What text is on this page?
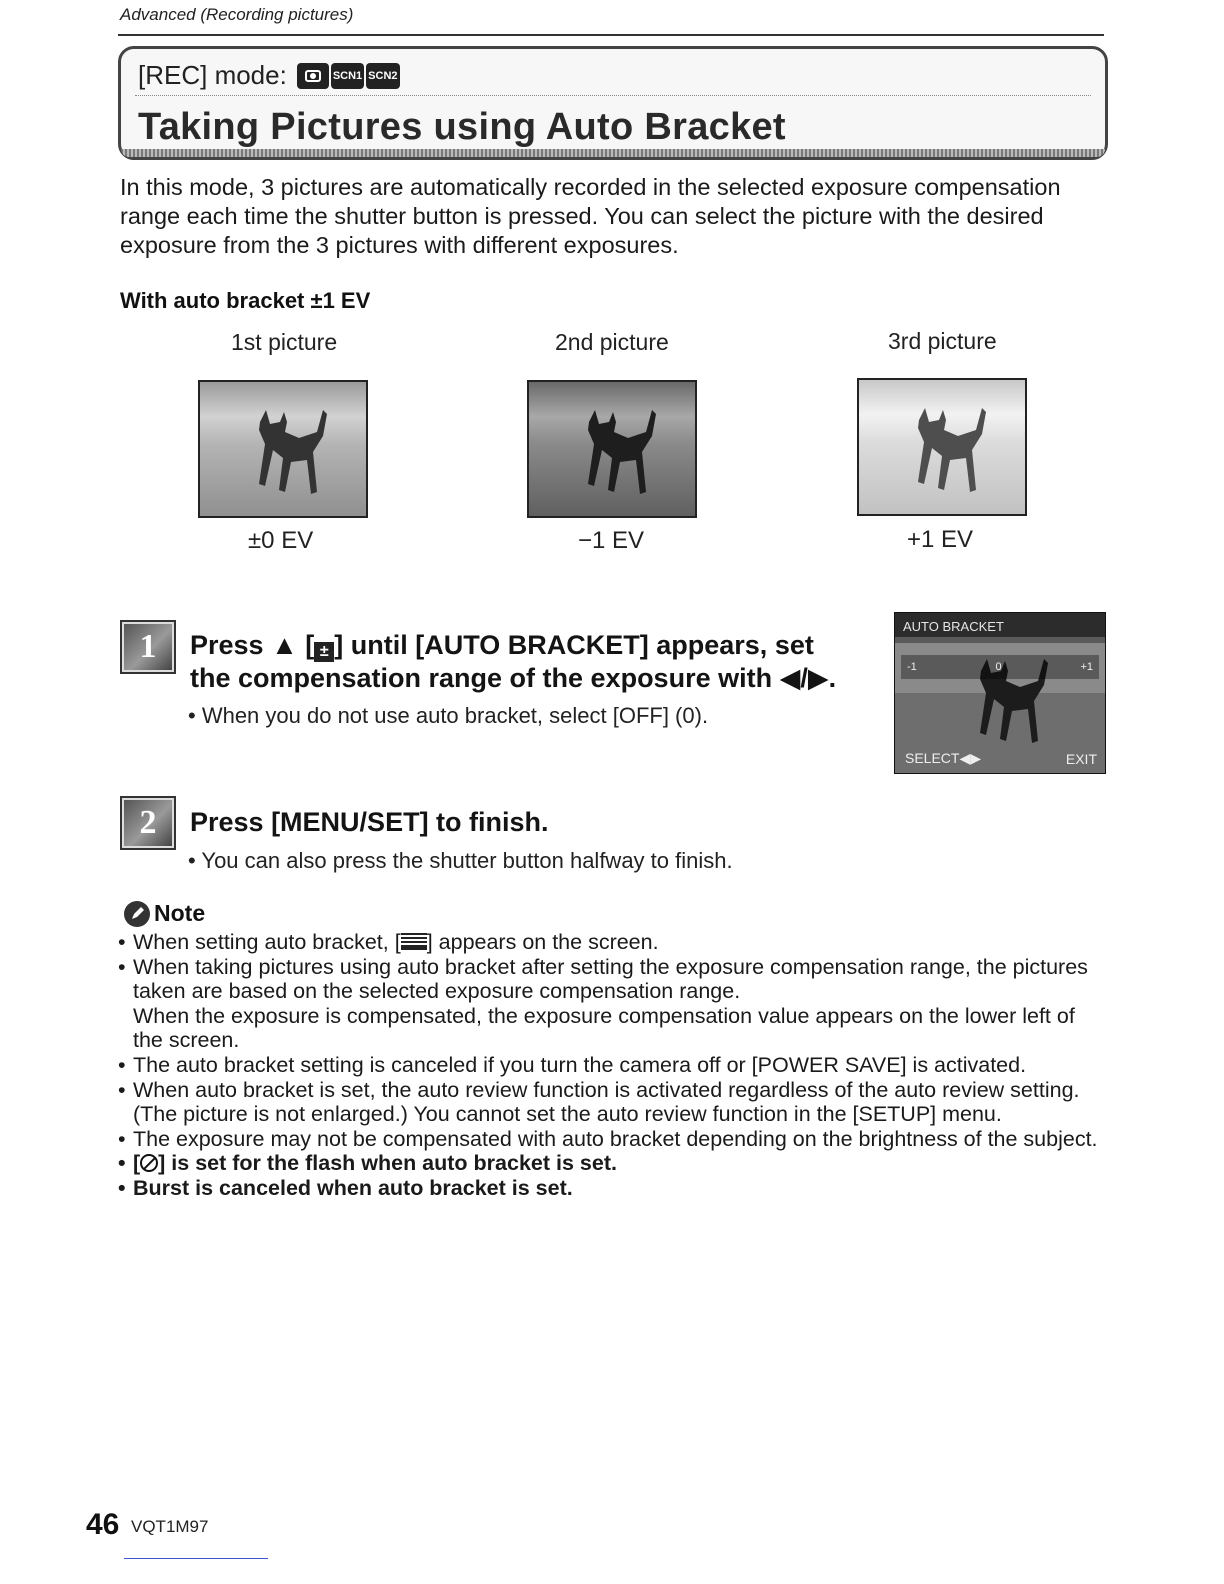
Advanced (Recording pictures)
[REC] mode:	SCN1 SCN2
Taking Pictures using Auto Bracket
In this mode, 3 pictures are automatically recorded in the selected exposure compensation range each time the shutter button is pressed. You can select the picture with the desired exposure from the 3 pictures with different exposures.
With auto bracket ±1 EV
1st picture	2nd picture	3rd picture
±0 EV	−1 EV	+1 EV
1	Press ▲ [ ± ] until [AUTO BRACKET] appears, set
the compensation range of the exposure with ◀/▶.
• When you do not use auto bracket, select [OFF] (0).
AUTO BRACKET
-1	0	+1
SELECT◀▶	EXIT
2	Press [MENU/SET] to finish.
• You can also press the shutter button halfway to finish.
Note
• When setting auto bracket, [ ] appears on the screen.
• When taking pictures using auto bracket after setting the exposure compensation range, the pictures taken are based on the selected exposure compensation range.
When the exposure is compensated, the exposure compensation value appears on the lower left of the screen.
• The auto bracket setting is canceled if you turn the camera off or [POWER SAVE] is activated.
• When auto bracket is set, the auto review function is activated regardless of the auto review setting. (The picture is not enlarged.) You cannot set the auto review function in the [SETUP] menu.
• The exposure may not be compensated with auto bracket depending on the brightness of the subject.
• [ ] is set for the flash when auto bracket is set.
• Burst is canceled when auto bracket is set.
46 VQT1M97
